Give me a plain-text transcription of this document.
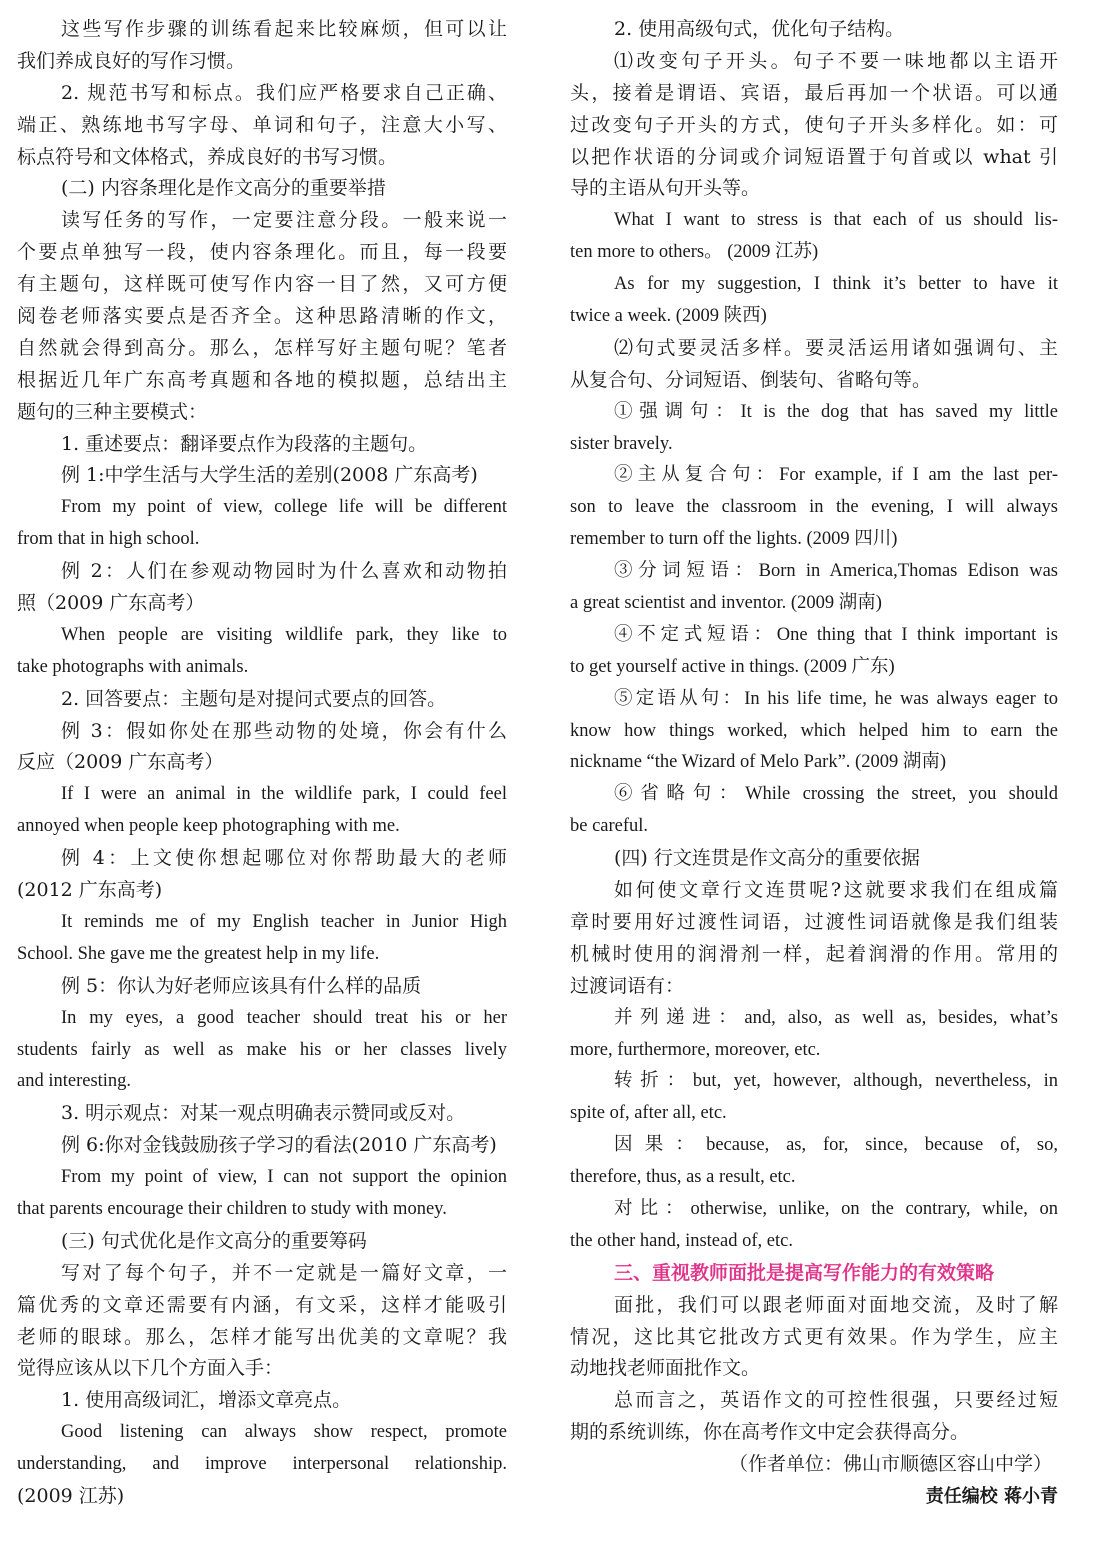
这些写作步骤的训练看起来比较麻烦，但可以让
我们养成良好的写作习惯。
2. 规范书写和标点。我们应严格要求自己正确、
端正、熟练地书写字母、单词和句子，注意大小写、
标点符号和文体格式，养成良好的书写习惯。
(二) 内容条理化是作文高分的重要举措
读写任务的写作，一定要注意分段。一般来说一
个要点单独写一段，使内容条理化。而且，每一段要
有主题句，这样既可使写作内容一目了然，又可方便
阅卷老师落实要点是否齐全。这种思路清晰的作文，
自然就会得到高分。那么，怎样写好主题句呢？笔者
根据近几年广东高考真题和各地的模拟题，总结出主
题句的三种主要模式：
1. 重述要点：翻译要点作为段落的主题句。
例 1:中学生活与大学生活的差别(2008 广东高考)
From my point of view, college life will be different
from that in high school.
例 2：人们在参观动物园时为什么喜欢和动物拍
照（2009 广东高考）
When people are visiting wildlife park, they like to
take photographs with animals.
2. 回答要点：主题句是对提问式要点的回答。
例 3：假如你处在那些动物的处境，你会有什么
反应（2009 广东高考）
If I were an animal in the wildlife park, I could feel
annoyed when people keep photographing with me.
例 4：上文使你想起哪位对你帮助最大的老师
(2012 广东高考)
It reminds me of my English teacher in Junior High
School. She gave me the greatest help in my life.
例 5：你认为好老师应该具有什么样的品质
In my eyes, a good teacher should treat his or her
students fairly as well as make his or her classes lively
and interesting.
3. 明示观点：对某一观点明确表示赞同或反对。
例 6:你对金钱鼓励孩子学习的看法(2010 广东高考)
From my point of view, I can not support the opinion
that parents encourage their children to study with money.
(三) 句式优化是作文高分的重要筹码
写对了每个句子，并不一定就是一篇好文章，一
篇优秀的文章还需要有内涵，有文采，这样才能吸引
老师的眼球。那么，怎样才能写出优美的文章呢？我
觉得应该从以下几个方面入手：
1. 使用高级词汇，增添文章亮点。
Good listening can always show respect, promote
understanding, and improve interpersonal relationship.
(2009 江苏)
2. 使用高级句式，优化句子结构。
⑴改变句子开头。句子不要一味地都以主语开
头，接着是谓语、宾语，最后再加一个状语。可以通
过改变句子开头的方式，使句子开头多样化。如：可
以把作状语的分词或介词短语置于句首或以 what 引
导的主语从句开头等。
What I want to stress is that each of us should lis-
ten more to others。 (2009 江苏)
As for my suggestion, I think it’s better to have it
twice a week. (2009 陕西)
⑵句式要灵活多样。要灵活运用诸如强调句、主
从复合句、分词短语、倒装句、省略句等。
①强调句：It is the dog that has saved my little
sister bravely.
②主从复合句：For example, if I am the last per-
son to leave the classroom in the evening, I will always
remember to turn off the lights. (2009 四川)
③分词短语：Born in America,Thomas Edison was
a great scientist and inventor. (2009 湖南)
④不定式短语：One thing that I think important is
to get yourself active in things. (2009 广东)
⑤定语从句：In his life time, he was always eager to
know how things worked, which helped him to earn the
nickname “the Wizard of Melo Park”. (2009 湖南)
⑥省略句：While crossing the street, you should
be careful.
(四) 行文连贯是作文高分的重要依据
如何使文章行文连贯呢?这就要求我们在组成篇
章时要用好过渡性词语，过渡性词语就像是我们组装
机械时使用的润滑剂一样，起着润滑的作用。常用的
过渡词语有：
并列递进：and, also, as well as, besides, what’s
more, furthermore, moreover, etc.
转折：but, yet, however, although, nevertheless, in
spite of, after all, etc.
因果：because, as, for, since, because of, so,
therefore, thus, as a result, etc.
对比：otherwise, unlike, on the contrary, while, on
the other hand, instead of, etc.
三、重视教师面批是提高写作能力的有效策略
面批，我们可以跟老师面对面地交流，及时了解
情况，这比其它批改方式更有效果。作为学生，应主
动地找老师面批作文。
总而言之，英语作文的可控性很强，只要经过短
期的系统训练，你在高考作文中定会获得高分。
（作者单位：佛山市顺德区容山中学）
责任编校 蒋小青
